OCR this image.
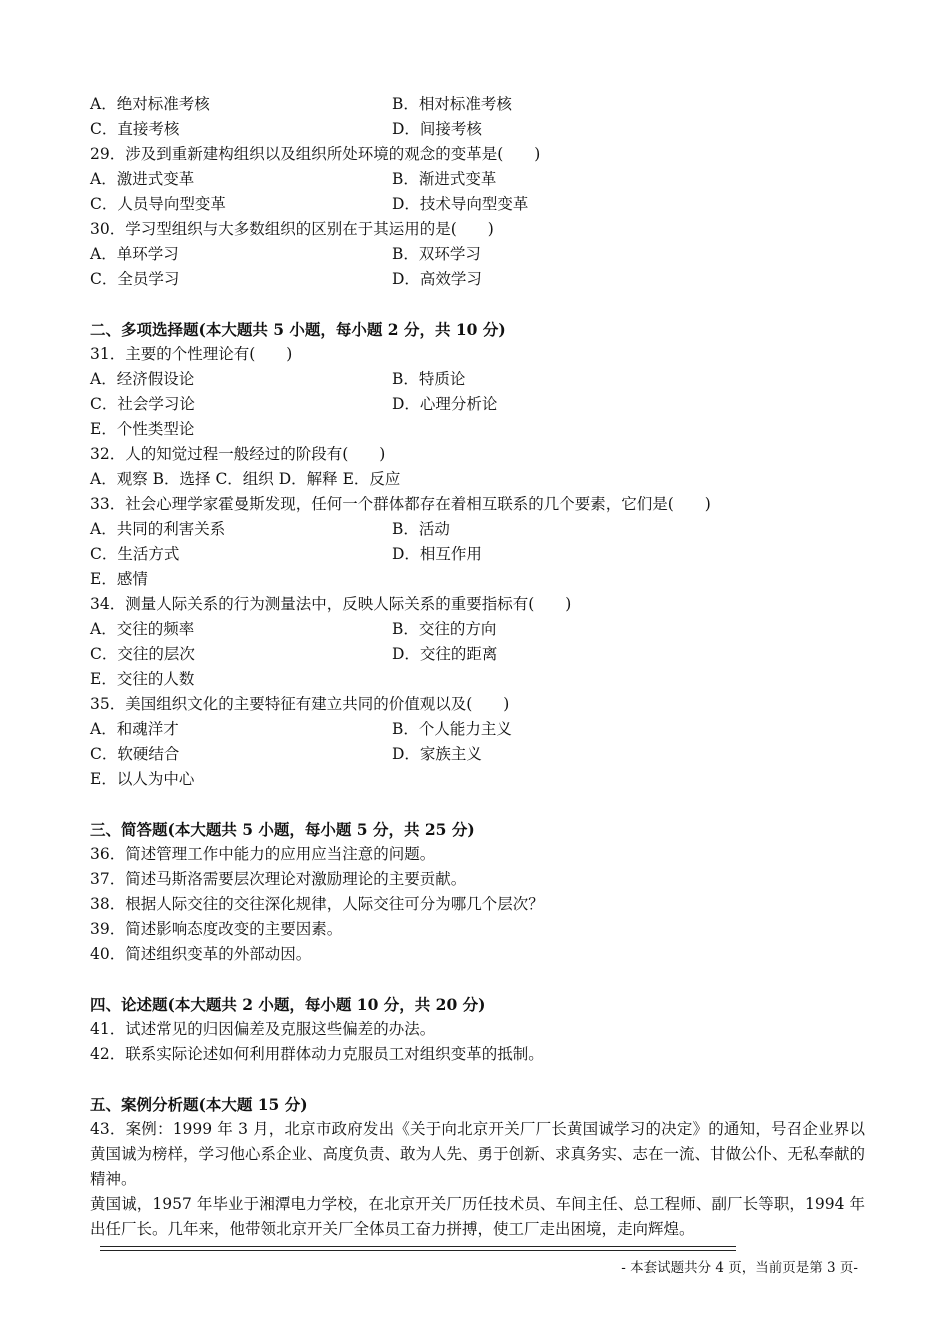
A．绝对标准考核	B．相对标准考核
C．直接考核	D．间接考核
29．涉及到重新建构组织以及组织所处环境的观念的变革是(　　)
A．激进式变革	B．渐进式变革
C．人员导向型变革	D．技术导向型变革
30．学习型组织与大多数组织的区别在于其运用的是(　　)
A．单环学习	B．双环学习
C．全员学习	D．高效学习
二、多项选择题(本大题共 5 小题，每小题 2 分，共 10 分)
31．主要的个性理论有(　　)
A．经济假设论	B．特质论
C．社会学习论	D．心理分析论
E．个性类型论
32．人的知觉过程一般经过的阶段有(　　)
A．观察 B．选择 C．组织 D．解释 E．反应
33．社会心理学家霍曼斯发现，任何一个群体都存在着相互联系的几个要素，它们是(　　)
A．共同的利害关系	B．活动
C．生活方式	D．相互作用
E．感情
34．测量人际关系的行为测量法中，反映人际关系的重要指标有(　　)
A．交往的频率	B．交往的方向
C．交往的层次	D．交往的距离
E．交往的人数
35．美国组织文化的主要特征有建立共同的价值观以及(　　)
A．和魂洋才	B．个人能力主义
C．软硬结合	D．家族主义
E．以人为中心
三、简答题(本大题共 5 小题，每小题 5 分，共 25 分)
36．简述管理工作中能力的应用应当注意的问题。
37．简述马斯洛需要层次理论对激励理论的主要贡献。
38．根据人际交往的交往深化规律，人际交往可分为哪几个层次？
39．简述影响态度改变的主要因素。
40．简述组织变革的外部动因。
四、论述题(本大题共 2 小题，每小题 10 分，共 20 分)
41．试述常见的归因偏差及克服这些偏差的办法。
42．联系实际论述如何利用群体动力克服员工对组织变革的抵制。
五、案例分析题(本大题 15 分)
43．案例：1999 年 3 月，北京市政府发出《关于向北京开关厂厂长黄国诚学习的决定》的通知，号召企业界以黄国诚为榜样，学习他心系企业、高度负责、敢为人先、勇于创新、求真务实、志在一流、甘做公仆、无私奉献的精神。
黄国诚，1957 年毕业于湘潭电力学校，在北京开关厂历任技术员、车间主任、总工程师、副厂长等职，1994 年出任厂长。几年来，他带领北京开关厂全体员工奋力拼搏，使工厂走出困境，走向辉煌。
- 本套试题共分 4 页，当前页是第 3 页-
